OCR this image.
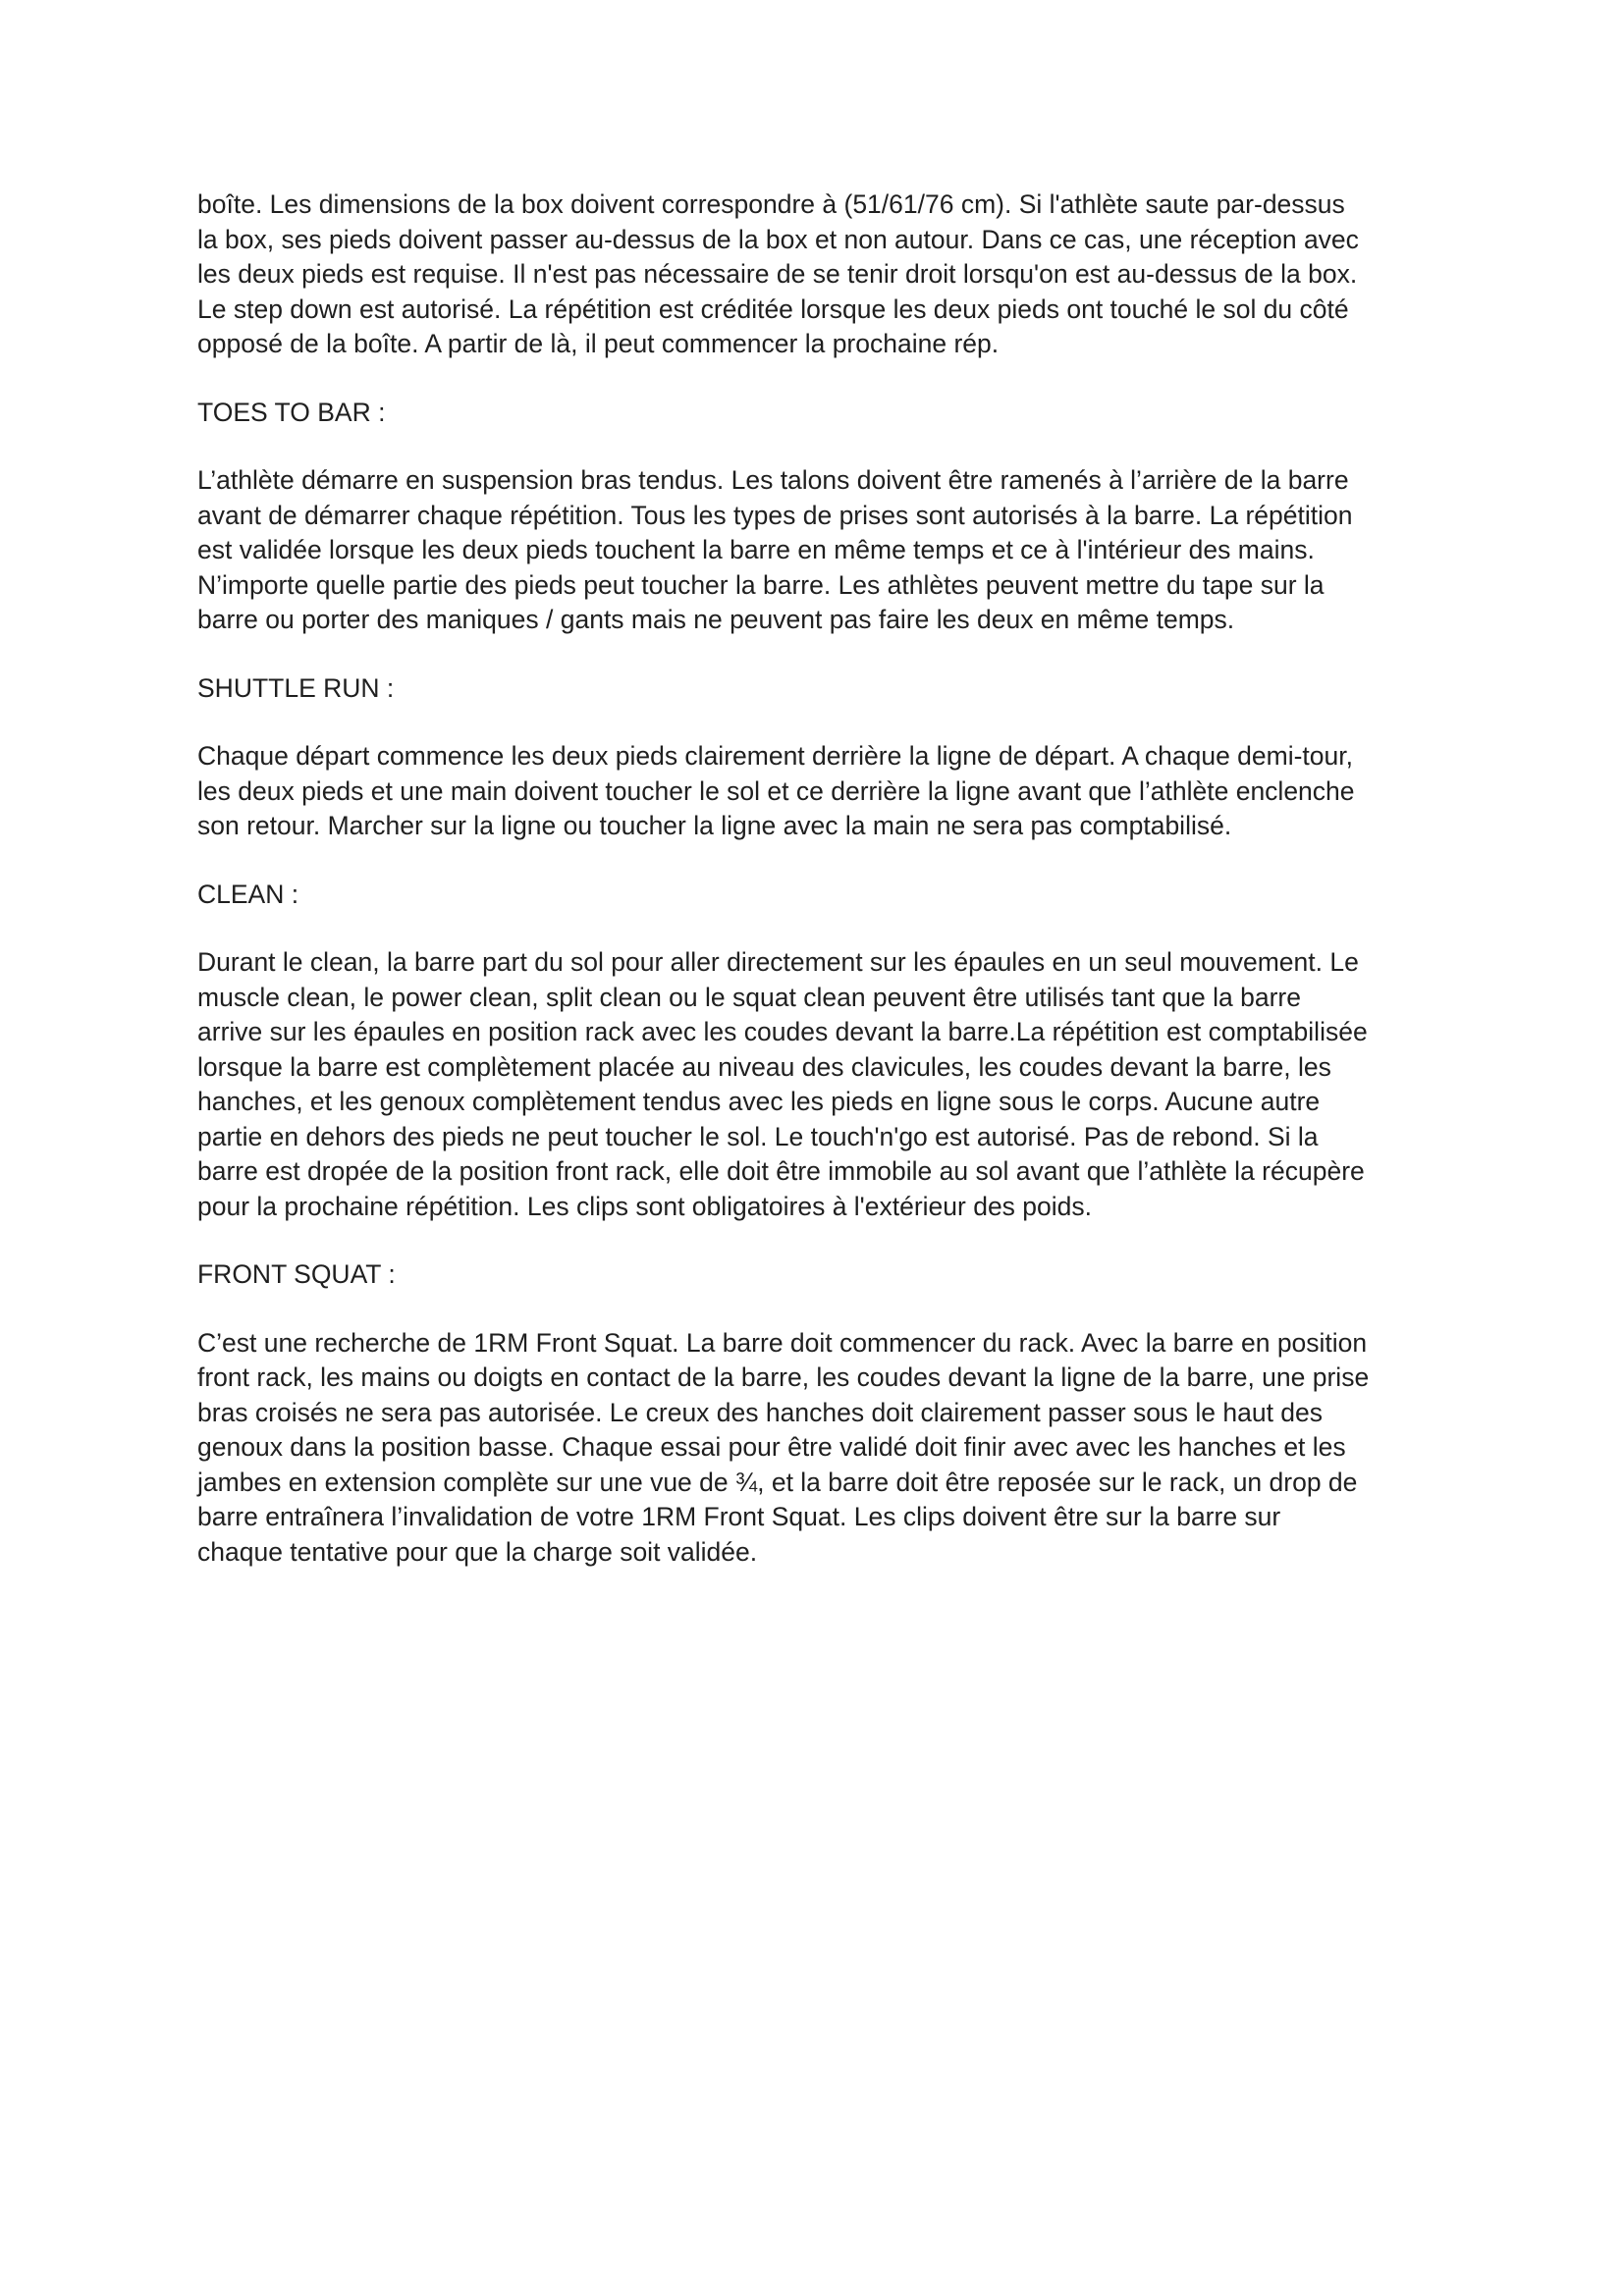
boîte. Les dimensions de la box doivent correspondre à (51/61/76 cm). Si l'athlète saute par-dessus
la box, ses pieds doivent passer au-dessus de la box et non autour. Dans ce cas, une réception avec
les deux pieds est requise. Il n'est pas nécessaire de se tenir droit lorsqu'on est au-dessus de la box.
Le step down est autorisé. La répétition est créditée lorsque les deux pieds ont touché le sol du côté
opposé de la boîte. A partir de là, il peut commencer la prochaine rép.

TOES TO BAR :

L’athlète démarre en suspension bras tendus. Les talons doivent être ramenés à l’arrière de la barre
avant de démarrer chaque répétition. Tous les types de prises sont autorisés à la barre. La répétition
est validée lorsque les deux pieds touchent la barre en même temps et ce à l'intérieur des mains.
N’importe quelle partie des pieds peut toucher la barre. Les athlètes peuvent mettre du tape sur la
barre ou porter des maniques / gants mais ne peuvent pas faire les deux en même temps.

SHUTTLE RUN :

Chaque départ commence les deux pieds clairement derrière la ligne de départ. A chaque demi-tour,
les deux pieds et une main doivent toucher le sol et ce derrière la ligne avant que l’athlète enclenche
son retour. Marcher sur la ligne ou toucher la ligne avec la main ne sera pas comptabilisé.

CLEAN :

Durant le clean, la barre part du sol pour aller directement sur les épaules en un seul mouvement. Le
muscle clean, le power clean, split clean ou le squat clean peuvent être utilisés tant que la barre
arrive sur les épaules en position rack avec les coudes devant la barre.La répétition est comptabilisée
lorsque la barre est complètement placée au niveau des clavicules, les coudes devant la barre, les
hanches, et les genoux complètement tendus avec les pieds en ligne sous le corps. Aucune autre
partie en dehors des pieds ne peut toucher le sol. Le touch'n'go est autorisé. Pas de rebond. Si la
barre est dropée de la position front rack, elle doit être immobile au sol avant que l’athlète la récupère
pour la prochaine répétition. Les clips sont obligatoires à l'extérieur des poids.

FRONT SQUAT :

C’est une recherche de 1RM Front Squat. La barre doit commencer du rack. Avec la barre en position
front rack, les mains ou doigts en contact de la barre, les coudes devant la ligne de la barre, une prise
bras croisés ne sera pas autorisée. Le creux des hanches doit clairement passer sous le haut des
genoux dans la position basse. Chaque essai pour être validé doit finir avec avec les hanches et les
jambes en extension complète sur une vue de ¾, et la barre doit être reposée sur le rack, un drop de
barre entraînera l’invalidation de votre 1RM Front Squat. Les clips doivent être sur la barre sur
chaque tentative pour que la charge soit validée.
